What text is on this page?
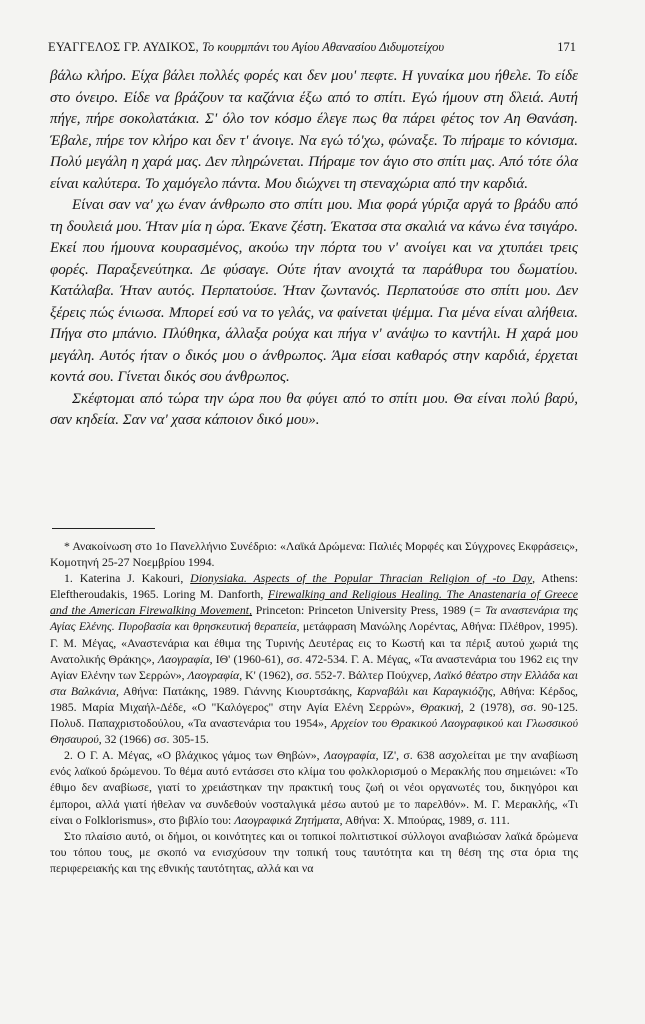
ΕΥΑΓΓΕΛΟΣ ΓΡ. ΑΥΔΙΚΟΣ, Το κουρμπάνι του Αγίου Αθανασίου Διδυμοτείχου	171

βάλω κλήρο. Είχα βάλει πολλές φορές και δεν μου' πεφτε. Η γυναίκα μου ήθελε. Το είδε στο όνειρο. Είδε να βράζουν τα καζάνια έξω από το σπίτι. Εγώ ήμουν στη δλειά. Αυτή πήγε, πήρε σοκολατάκια. Σ' όλο τον κόσμο έλεγε πως θα πάρει φέτος τον Αη Θανάση. Έβαλε, πήρε τον κλήρο και δεν τ' άνοιγε. Να εγώ τό'χω, φώναξε. Το πήραμε το κόνισμα. Πολύ μεγάλη η χαρά μας. Δεν πληρώνεται. Πήραμε τον άγιο στο σπίτι μας. Από τότε όλα είναι καλύτερα. Το χαμόγελο πάντα. Μου διώχνει τη στεναχώρια από την καρδιά.

Είναι σαν να' χω έναν άνθρωπο στο σπίτι μου. Μια φορά γύριζα αργά το βράδυ από τη δουλειά μου. Ήταν μία η ώρα. Έκανε ζέστη. Έκατσα στα σκαλιά να κάνω ένα τσιγάρο. Εκεί που ήμουνα κουρασμένος, ακούω την πόρτα του ν' ανοίγει και να χτυπάει τρεις φορές. Παραξενεύτηκα. Δε φύσαγε. Ούτε ήταν ανοιχτά τα παράθυρα του δωματίου. Κατάλαβα. Ήταν αυτός. Περπατούσε. Ήταν ζωντανός. Περπατούσε στο σπίτι μου. Δεν ξέρεις πώς ένιωσα. Μπορεί εσύ να το γελάς, να φαίνεται ψέμμα. Για μένα είναι αλήθεια. Πήγα στο μπάνιο. Πλύθηκα, άλλαξα ρούχα και πήγα ν' ανάψω το καντήλι. Η χαρά μου μεγάλη. Αυτός ήταν ο δικός μου ο άνθρωπος. Άμα είσαι καθαρός στην καρδιά, έρχεται κοντά σου. Γίνεται δικός σου άνθρωπος.

Σκέφτομαι από τώρα την ώρα που θα φύγει από το σπίτι μου. Θα είναι πολύ βαρύ, σαν κηδεία. Σαν να' χασα κάποιον δικό μου».

* Ανακοίνωση στο 1ο Πανελλήνιο Συνέδριο: «Λαϊκά Δρώμενα: Παλιές Μορφές και Σύγχρονες Εκφράσεις», Κομοτηνή 25-27 Νοεμβρίου 1994.

1. Katerina J. Kakouri, Dionysiaka. Aspects of the Popular Thracian Religion of -to Day, Athens: Eleftheroudakis, 1965. Loring M. Danforth, Firewalking and Religious Healing. The Anastenaria of Greece and the American Firewalking Movement, Princeton: Princeton University Press, 1989 (= Τα αναστενάρια της Αγίας Ελένης. Πυροβασία και θρησκευτική θεραπεία, μετάφραση Μανώλης Λορέντας, Αθήνα: Πλέθρον, 1995). Γ. Μ. Μέγας, «Αναστενάρια και έθιμα της Τυρινής Δευτέρας εις το Κωστή και τα πέριξ αυτού χωριά της Ανατολικής Θράκης», Λαογραφία, ΙΘ' (1960-61), σσ. 472-534. Γ. Α. Μέγας, «Τα αναστενάρια του 1962 εις την Αγίαν Ελένην των Σερρών», Λαογραφία, Κ' (1962), σσ. 552-7. Βάλτερ Πούχνερ, Λαϊκό θέατρο στην Ελλάδα και στα Βαλκάνια, Αθήνα: Πατάκης, 1989. Γιάννης Κιουρτσάκης, Καρναβάλι και Καραγκιόζης, Αθήνα: Κέρδος, 1985. Μαρία Μιχαήλ-Δέδε, «Ο "Καλόγερος" στην Αγία Ελένη Σερρών», Θρακική, 2 (1978), σσ. 90-125. Πολυδ. Παπαχριστοδούλου, «Τα αναστενάρια του 1954», Αρχείον του Θρακικού Λαογραφικού και Γλωσσικού Θησαυρού, 32 (1966) σσ. 305-15.

2. Ο Γ. Α. Μέγας, «Ο βλάχικος γάμος των Θηβών», Λαογραφία, ΙΖ', σ. 638 ασχολείται με την αναβίωση ενός λαϊκού δρώμενου. Το θέμα αυτό εντάσσει στο κλίμα του φολκλορισμού ο Μερακλής που σημειώνει: «Το έθιμο δεν αναβίωσε, γιατί το χρειάστηκαν την πρακτική τους ζωή οι νέοι οργανωτές του, δικηγόροι και έμποροι, αλλά γιατί ήθελαν να συνδεθούν νοσταλγικά μέσω αυτού με το παρελθόν». Μ. Γ. Μερακλής, «Τι είναι ο Folklorismus», στο βιβλίο του: Λαογραφικά Ζητήματα, Αθήνα: Χ. Μπούρας, 1989, σ. 111.

Στο πλαίσιο αυτό, οι δήμοι, οι κοινότητες και οι τοπικοί πολιτιστικοί σύλλογοι αναβιώσαν λαϊκά δρώμενα του τόπου τους, με σκοπό να ενισχύσουν την τοπική τους ταυτότητα και τη θέση της στα όρια της περιφερειακής και της εθνικής ταυτότητας, αλλά και να
